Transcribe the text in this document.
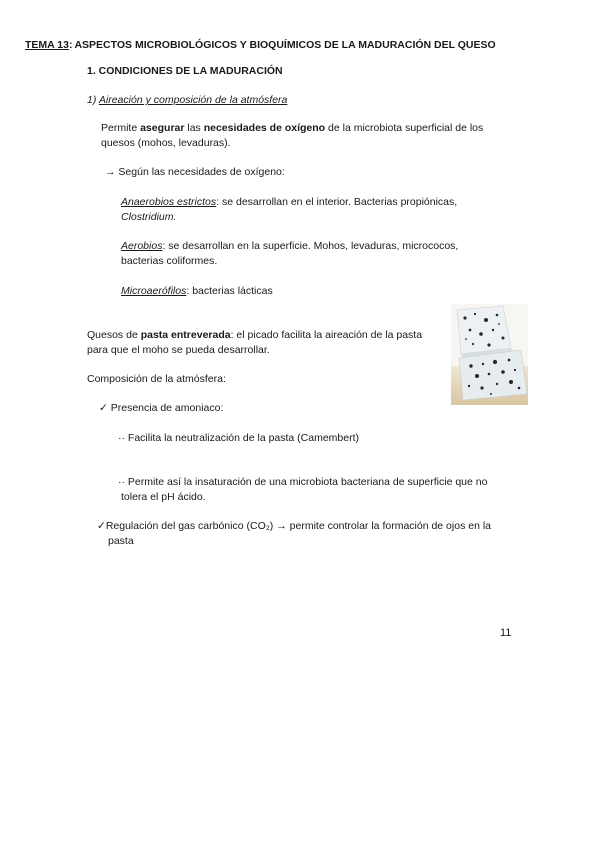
TEMA 13: ASPECTOS MICROBIOLÓGICOS Y BIOQUÍMICOS DE LA MADURACIÓN DEL QUESO
1. CONDICIONES DE LA MADURACIÓN
1) Aireación y composición de la atmósfera
Permite asegurar las necesidades de oxígeno de la microbiota superficial de los
quesos (mohos, levaduras).
→ Según las necesidades de oxígeno:
Anaerobios estrictos: se desarrollan en el interior. Bacterias propiónicas,
Clostridium.
Aerobios: se desarrollan en la superficie. Mohos, levaduras, micrococos,
bacterias coliformes.
Microaerófilos: bacterias lácticas
Quesos de pasta entreverada: el picado facilita la aireación de la pasta
para que el moho se pueda desarrollar.
Composición de la atmósfera:
✓ Presencia de amoniaco:
·· Facilita la neutralización de la pasta (Camembert)
·· Permite así la insaturación de una microbiota bacteriana de superficie que no
tolera el pH ácido.
✓Regulación del gas carbónico (CO₂) → permite controlar la formación de ojos en la
pasta
11
